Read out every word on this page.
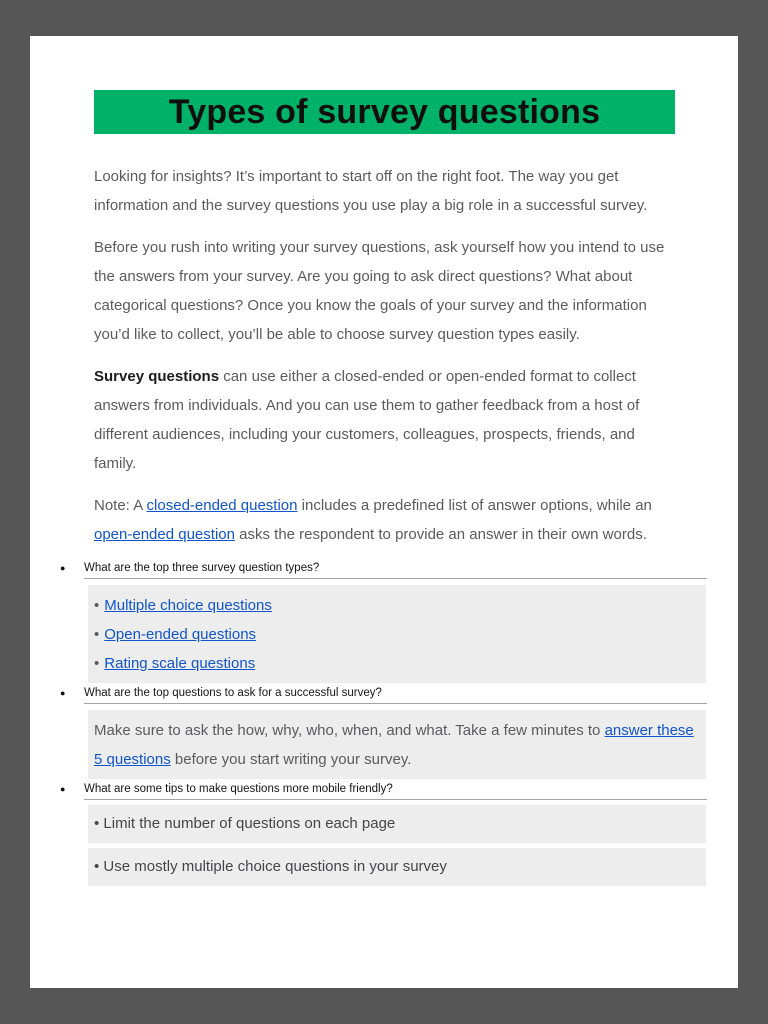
Types of survey questions

Looking for insights? It’s important to start off on the right foot. The way you get information and the survey questions you use play a big role in a successful survey.

Before you rush into writing your survey questions, ask yourself how you intend to use the answers from your survey. Are you going to ask direct questions? What about categorical questions? Once you know the goals of your survey and the information you’d like to collect, you’ll be able to choose survey question types easily.

Survey questions can use either a closed-ended or open-ended format to collect answers from individuals. And you can use them to gather feedback from a host of different audiences, including your customers, colleagues, prospects, friends, and family.

Note: A closed-ended question includes a predefined list of answer options, while an open-ended question asks the respondent to provide an answer in their own words.

●	What are the top three survey question types?
• Multiple choice questions
• Open-ended questions
• Rating scale questions
●	What are the top questions to ask for a successful survey?

Make sure to ask the how, why, who, when, and what. Take a few minutes to answer these 5 questions before you start writing your survey.

●	What are some tips to make questions more mobile friendly?
• Limit the number of questions on each page
• Use mostly multiple choice questions in your survey
